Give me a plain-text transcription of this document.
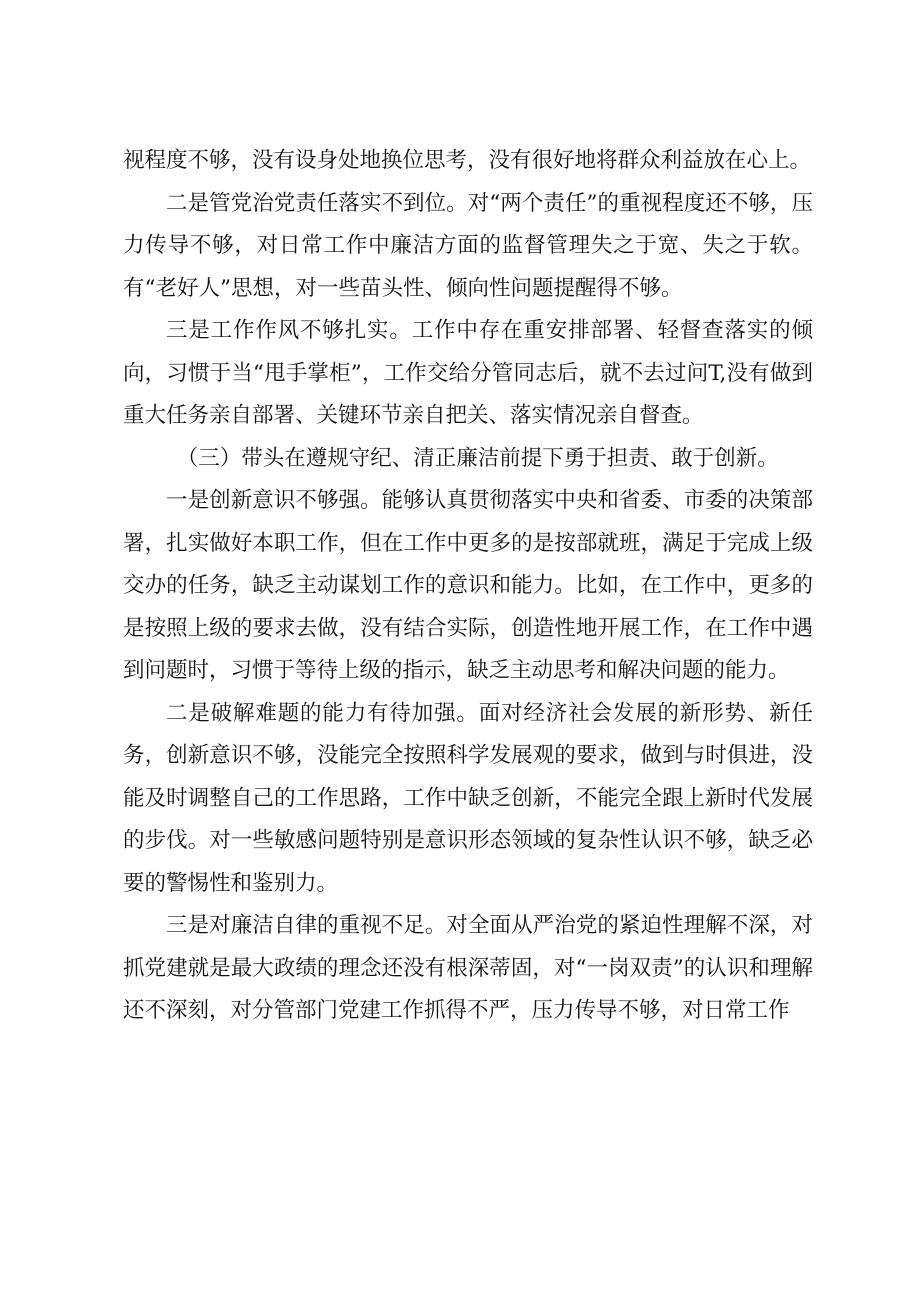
视程度不够，没有设身处地换位思考，没有很好地将群众利益放在心上。

二是管党治党责任落实不到位。对“两个责任”的重视程度还不够，压力传导不够，对日常工作中廉洁方面的监督管理失之于宽、失之于软。有“老好人”思想，对一些苗头性、倾向性问题提醒得不够。

三是工作作风不够扎实。工作中存在重安排部署、轻督查落实的倾向，习惯于当“甩手掌柜”，工作交给分管同志后，就不去过问T,没有做到重大任务亲自部署、关键环节亲自把关、落实情况亲自督查。

（三）带头在遵规守纪、清正廉洁前提下勇于担责、敢于创新。

一是创新意识不够强。能够认真贯彻落实中央和省委、市委的决策部署，扎实做好本职工作，但在工作中更多的是按部就班，满足于完成上级交办的任务，缺乏主动谋划工作的意识和能力。比如，在工作中，更多的是按照上级的要求去做，没有结合实际，创造性地开展工作，在工作中遇到问题时，习惯于等待上级的指示，缺乏主动思考和解决问题的能力。

二是破解难题的能力有待加强。面对经济社会发展的新形势、新任务，创新意识不够，没能完全按照科学发展观的要求，做到与时俱进，没能及时调整自己的工作思路，工作中缺乏创新，不能完全跟上新时代发展的步伐。对一些敏感问题特别是意识形态领域的复杂性认识不够，缺乏必要的警惕性和鉴别力。

三是对廉洁自律的重视不足。对全面从严治党的紧迫性理解不深，对抓党建就是最大政绩的理念还没有根深蒂固，对“一岗双责”的认识和理解还不深刻，对分管部门党建工作抓得不严，压力传导不够，对日常工作
